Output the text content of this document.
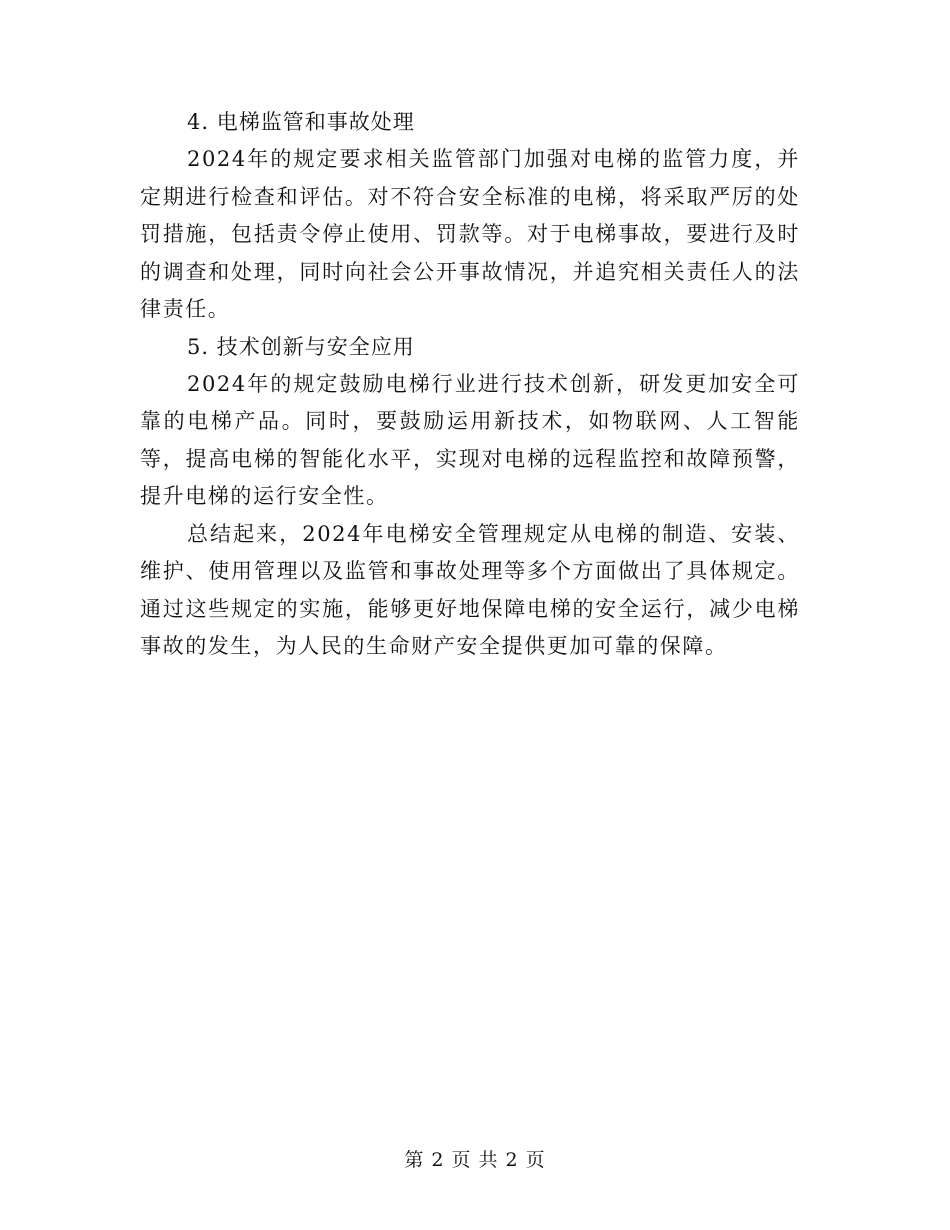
4. 电梯监管和事故处理

2024年的规定要求相关监管部门加强对电梯的监管力度，并定期进行检查和评估。对不符合安全标准的电梯，将采取严厉的处罚措施，包括责令停止使用、罚款等。对于电梯事故，要进行及时的调查和处理，同时向社会公开事故情况，并追究相关责任人的法律责任。

5. 技术创新与安全应用

2024年的规定鼓励电梯行业进行技术创新，研发更加安全可靠的电梯产品。同时，要鼓励运用新技术，如物联网、人工智能等，提高电梯的智能化水平，实现对电梯的远程监控和故障预警，提升电梯的运行安全性。

总结起来，2024年电梯安全管理规定从电梯的制造、安装、维护、使用管理以及监管和事故处理等多个方面做出了具体规定。通过这些规定的实施，能够更好地保障电梯的安全运行，减少电梯事故的发生，为人民的生命财产安全提供更加可靠的保障。

第 2 页 共 2 页
